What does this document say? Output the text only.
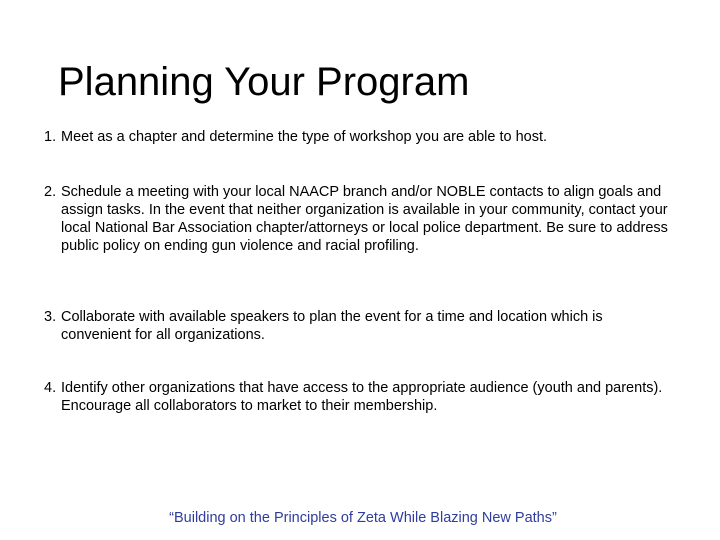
Planning Your Program
1. Meet as a chapter and determine the type of workshop you are able to host.
2. Schedule a meeting with your local NAACP branch and/or NOBLE contacts to align goals and assign tasks. In the event that neither organization is available in your community, contact your local National Bar Association chapter/attorneys or local police department. Be sure to address public policy on ending gun violence and racial profiling.
3. Collaborate with available speakers to plan the event for a time and location which is convenient for all organizations.
4. Identify other organizations that have access to the appropriate audience (youth and parents). Encourage all collaborators to market to their membership.
“Building on the Principles of Zeta While Blazing New Paths”
